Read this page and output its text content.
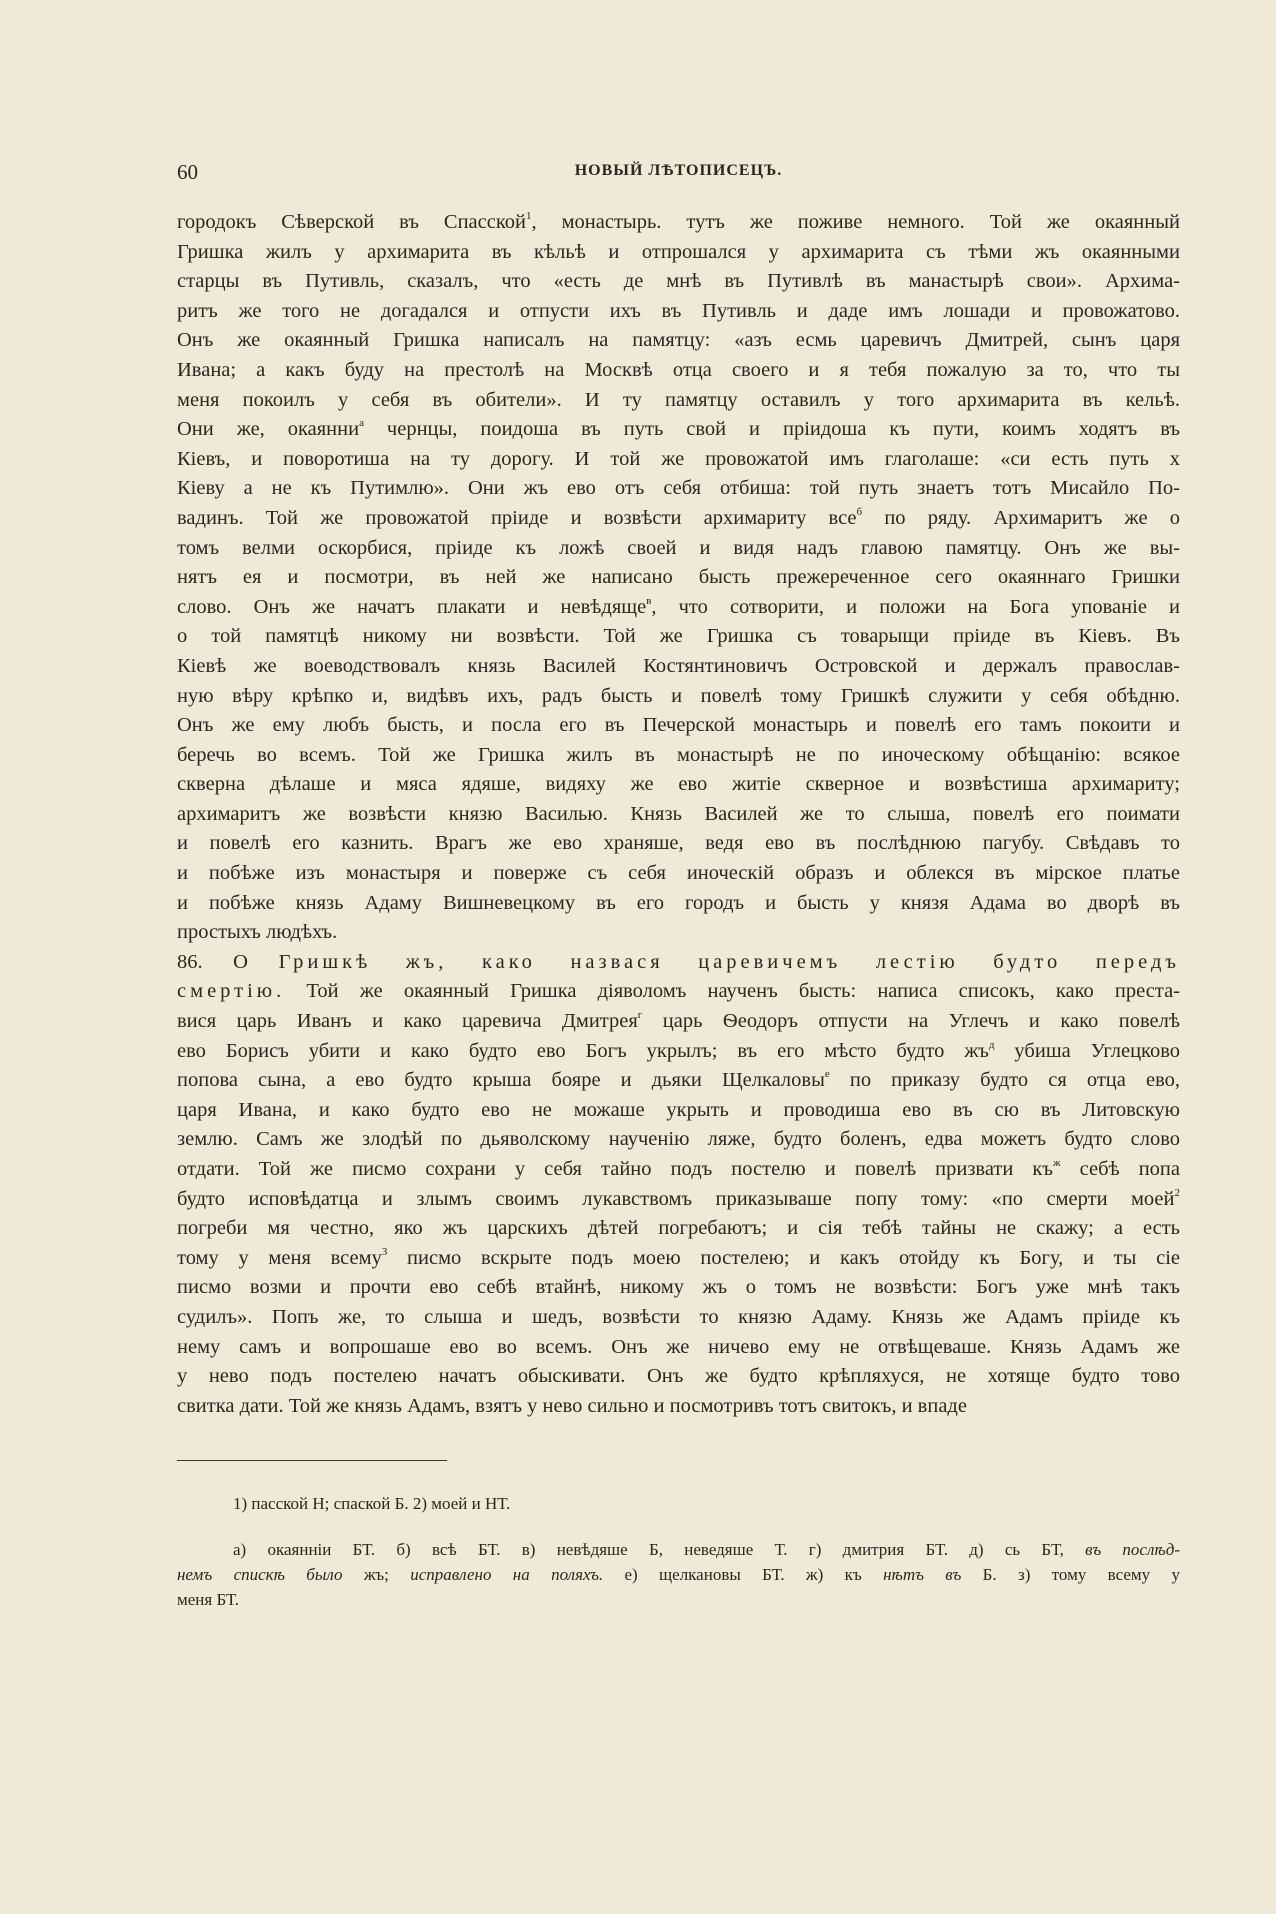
60	НОВЫЙ ЛѢТОПИСЕЦЪ.
городокъ Сѣверской въ Спасской$^1$, монастырь. тутъ же поживе немного. Той же окаянный
Гришка жилъ у архимарита въ кѣльѣ и отпрошался у архимарита съ тѣми жъ окаянными
старцы въ Путивль, сказалъ, что «есть де мнѣ въ Путивлѣ въ манастырѣ свои». Архима-
ритъ же того не догадался и отпусти ихъ въ Путивль и даде имъ лошади и провожатово.
Онъ же окаянный Гришка написалъ на памятцу: «азъ есмь царевичъ Дмитрей, сынъ царя
Ивана; а какъ буду на престолѣ на Москвѣ отца своего и я тебя пожалую за то, что ты
меня покоилъ у себя въ обители». И ту памятцу оставилъ у того архимарита въ кельѣ.
Они же, окаянни$^а$ чернцы, поидоша въ путь свой и пріидоша къ пути, коимъ ходятъ въ
Кіевъ, и поворотиша на ту дорогу. И той же провожатой имъ глаголаше: «си есть путь х
Кіеву а не къ Путимлю». Они жъ ево отъ себя отбиша: той путь знаетъ тотъ Мисайло По-
вадинъ. Той же провожатой пріиде и возвѣсти архимариту все$^б$ по ряду. Архимаритъ же о
томъ велми оскорбися, пріиде къ ложѣ своей и видя надъ главою памятцу. Онъ же вы-
нятъ ея и посмотри, въ ней же написано бысть прежереченное сего окаяннаго Гришки
слово. Онъ же начатъ плакати и невѣдяще$^в$, что сотворити, и положи на Бога упованіе и
о той памятцѣ никому ни возвѣсти. Той же Гришка съ товарыщи пріиде въ Кіевъ. Въ
Кіевѣ же воеводствовалъ князь Василей Костянтиновичъ Островской и держалъ православ-
ную вѣру крѣпко и, видѣвъ ихъ, радъ бысть и повелѣ тому Гришкѣ служити у себя обѣдню.
Онъ же ему любъ бысть, и посла его въ Печерской монастырь и повелѣ его тамъ покоити и
беречь во всемъ. Той же Гришка жилъ въ монастырѣ не по иноческому обѣщанію: всякое
скверна дѣлаше и мяса ядяше, видяху же ево житіе скверное и возвѣстиша архимариту;
архимаритъ же возвѣсти князю Василью. Князь Василей же то слыша, повелѣ его поимати
и повелѣ его казнить. Врагъ же ево храняше, ведя ево въ послѣднюю пагубу. Свѣдавъ то
и побѣже изъ монастыря и поверже съ себя иноческій образъ и облекся въ мірское платье
и побѣже князь Адаму Вишневецкому въ его городъ и бысть у князя Адама во дворѣ въ
простыхъ людѣхъ.
86. О Гришкѣ жъ, како назвася царевичемъ лестію будто передъ
смертію. Той же окаянный Гришка діяволомъ наученъ бысть: написа списокъ, како преста-
вися царь Иванъ и како царевича Дмитрея$^г$ царь Ѳеодоръ отпусти на Углечъ и како повелѣ
ево Борисъ убити и како будто ево Богъ укрылъ; въ его мѣсто будто жъ$^д$ убиша Углецково
попова сына, а ево будто крыша бояре и дьяки Щелкаловы$^е$ по приказу будто ся отца ево,
царя Ивана, и како будто ево не можаше укрыть и проводиша ево въ сю въ Литовскую
землю. Самъ же злодѣй по дьяволскому наученію ляже, будто боленъ, едва можетъ будто слово
отдати. Той же писмо сохрани у себя тайно подъ постелю и повелѣ призвати къ$^ж$ себѣ попа
будто исповѣдатца и злымъ своимъ лукавствомъ приказываше попу тому: «по смерти моей$^2$
погреби мя честно, яко жъ царскихъ дѣтей погребаютъ; и сія тебѣ тайны не скажу; а есть
тому у меня всему$^3$ писмо вскрыте подъ моею постелею; и какъ отойду къ Богу, и ты сіе
писмо возми и прочти ево себѣ втайнѣ, никому жъ о томъ не возвѣсти: Богъ уже мнѣ такъ
судилъ». Попъ же, то слыша и шедъ, возвѣсти то князю Адаму. Князь же Адамъ пріиде къ
нему самъ и вопрошаше ево во всемъ. Онъ же ничево ему не отвѣщеваше. Князь Адамъ же
у нево подъ постелею начатъ обыскивати. Онъ же будто крѣпляхуся, не хотяще будто тово
свитка дати. Той же князь Адамъ, взятъ у нево сильно и посмотривъ тотъ свитокъ, и впаде
1) пасской Н; спаской Б. 2) моей и НТ.
а) окаянніи БТ. б) всѣ БТ. в) невѣдяше Б, неведяше Т. г) дмитрия БТ. д) сь БТ, въ послѣд-
немъ спискѣ было жъ; исправлено на поляхъ. е) щелкановы БТ. ж) къ нѣтъ въ Б. з) тому всему у
меня БТ.
